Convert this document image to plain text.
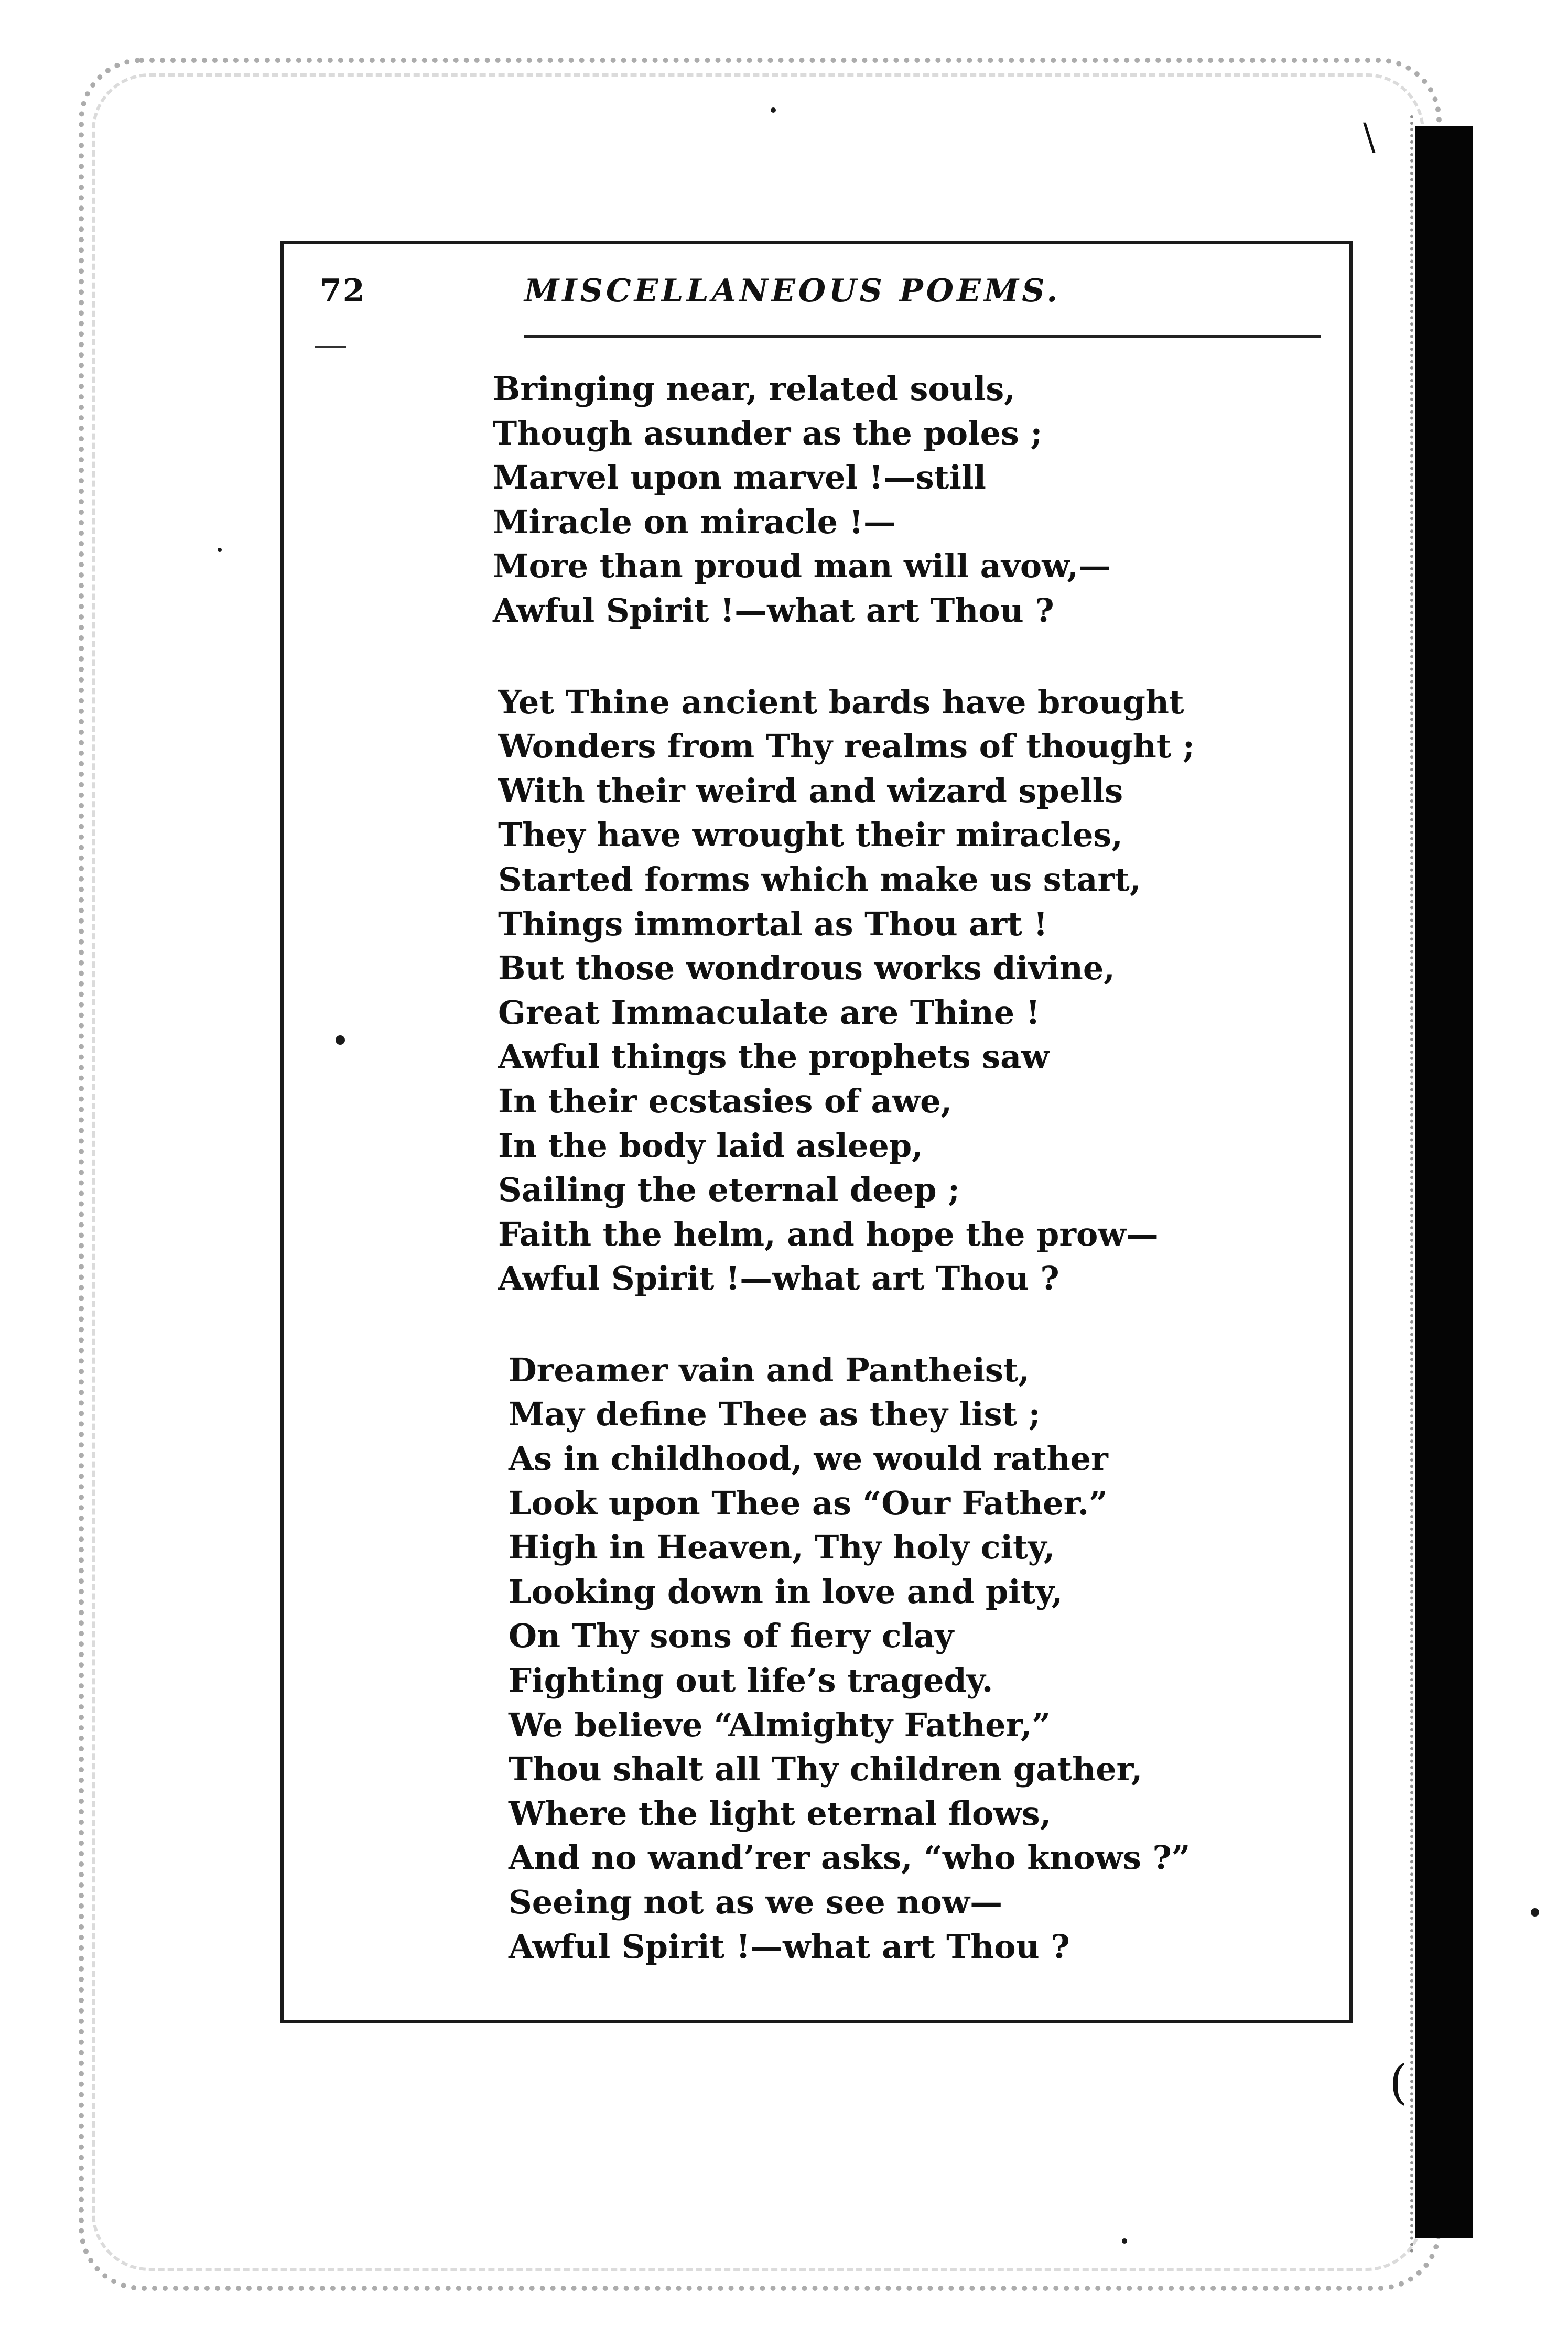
72	MISCELLANEOUS POEMS.
Bringing near, related souls,
Though asunder as the poles ;
Marvel upon marvel !—still
Miracle on miracle !—
More than proud man will avow,—
Awful Spirit !—what art Thou ?
Yet Thine ancient bards have brought
Wonders from Thy realms of thought ;
With their weird and wizard spells
They have wrought their miracles,
Started forms which make us start,
Things immortal as Thou art !
But those wondrous works divine,
Great Immaculate are Thine !
Awful things the prophets saw
In their ecstasies of awe,
In the body laid asleep,
Sailing the eternal deep ;
Faith the helm, and hope the prow—
Awful Spirit !—what art Thou ?
Dreamer vain and Pantheist,
May define Thee as they list ;
As in childhood, we would rather
Look upon Thee as “Our Father.”
High in Heaven, Thy holy city,
Looking down in love and pity,
On Thy sons of fiery clay
Fighting out life’s tragedy.
We believe “Almighty Father,”
Thou shalt all Thy children gather,
Where the light eternal flows,
And no wand’rer asks, “who knows ?”
Seeing not as we see now—
Awful Spirit !—what art Thou ?
(
\
